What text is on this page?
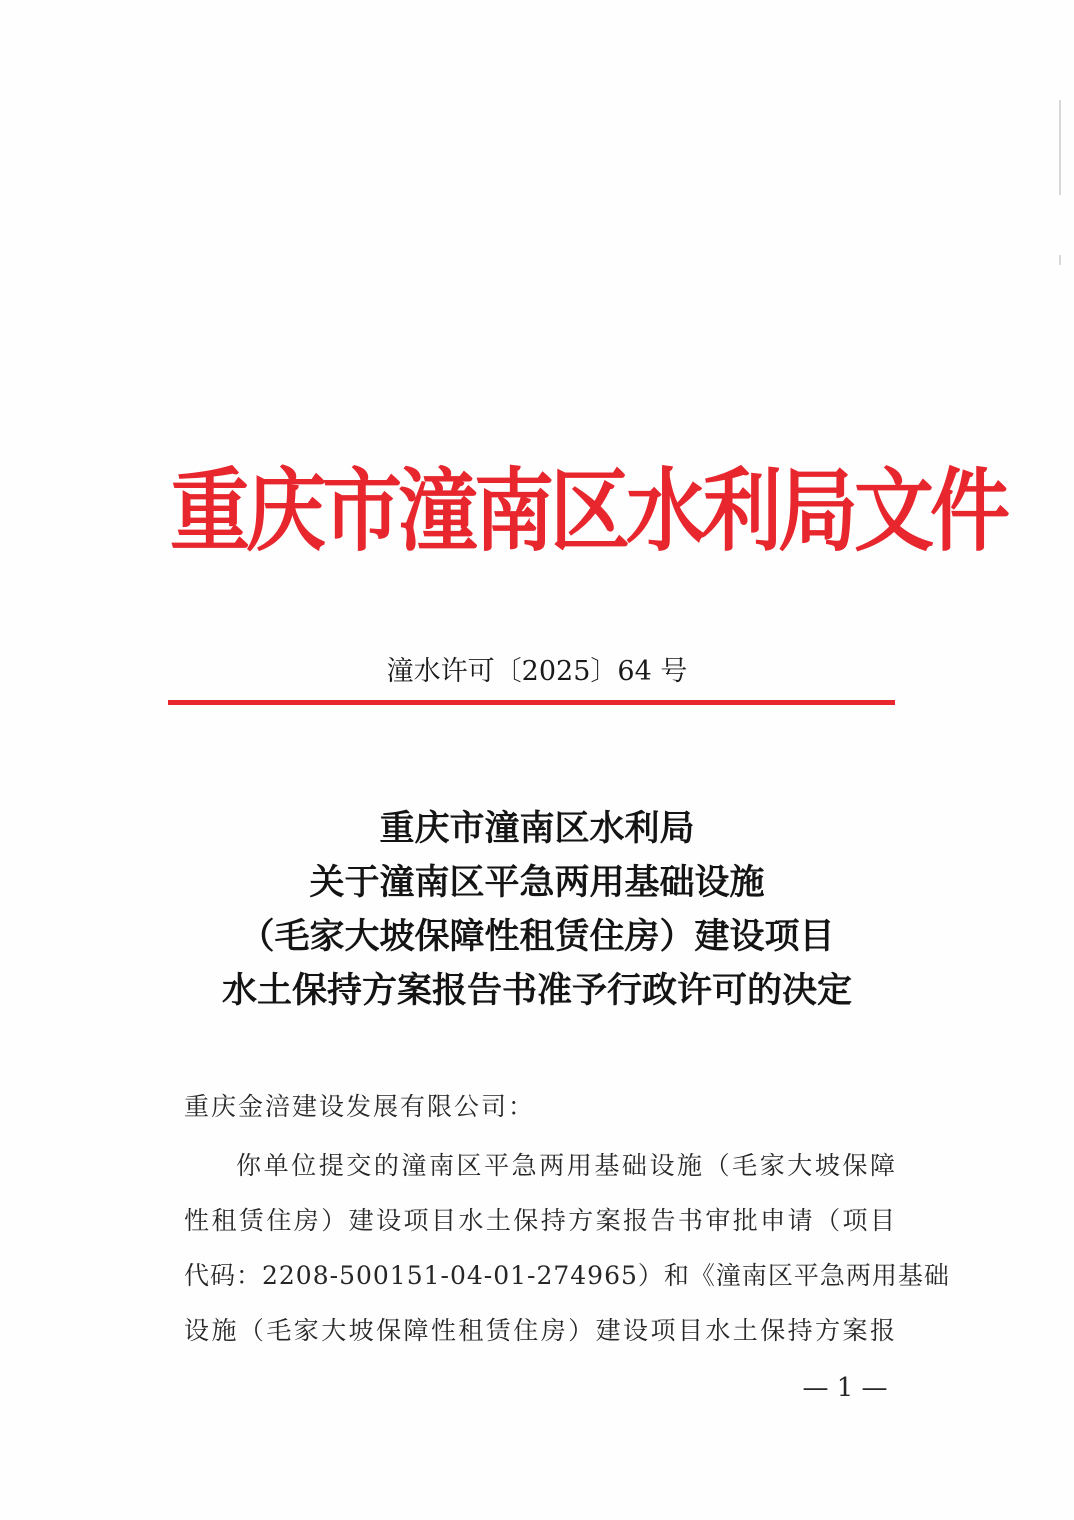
重庆市潼南区水利局文件
潼水许可〔2025〕64 号
重庆市潼南区水利局
关于潼南区平急两用基础设施
（毛家大坡保障性租赁住房）建设项目
水土保持方案报告书准予行政许可的决定
重庆金涪建设发展有限公司：
你单位提交的潼南区平急两用基础设施（毛家大坡保障
性租赁住房）建设项目水土保持方案报告书审批申请（项目
代码：2208-500151-04-01-274965）和《潼南区平急两用基础
设施（毛家大坡保障性租赁住房）建设项目水土保持方案报
— 1 —
